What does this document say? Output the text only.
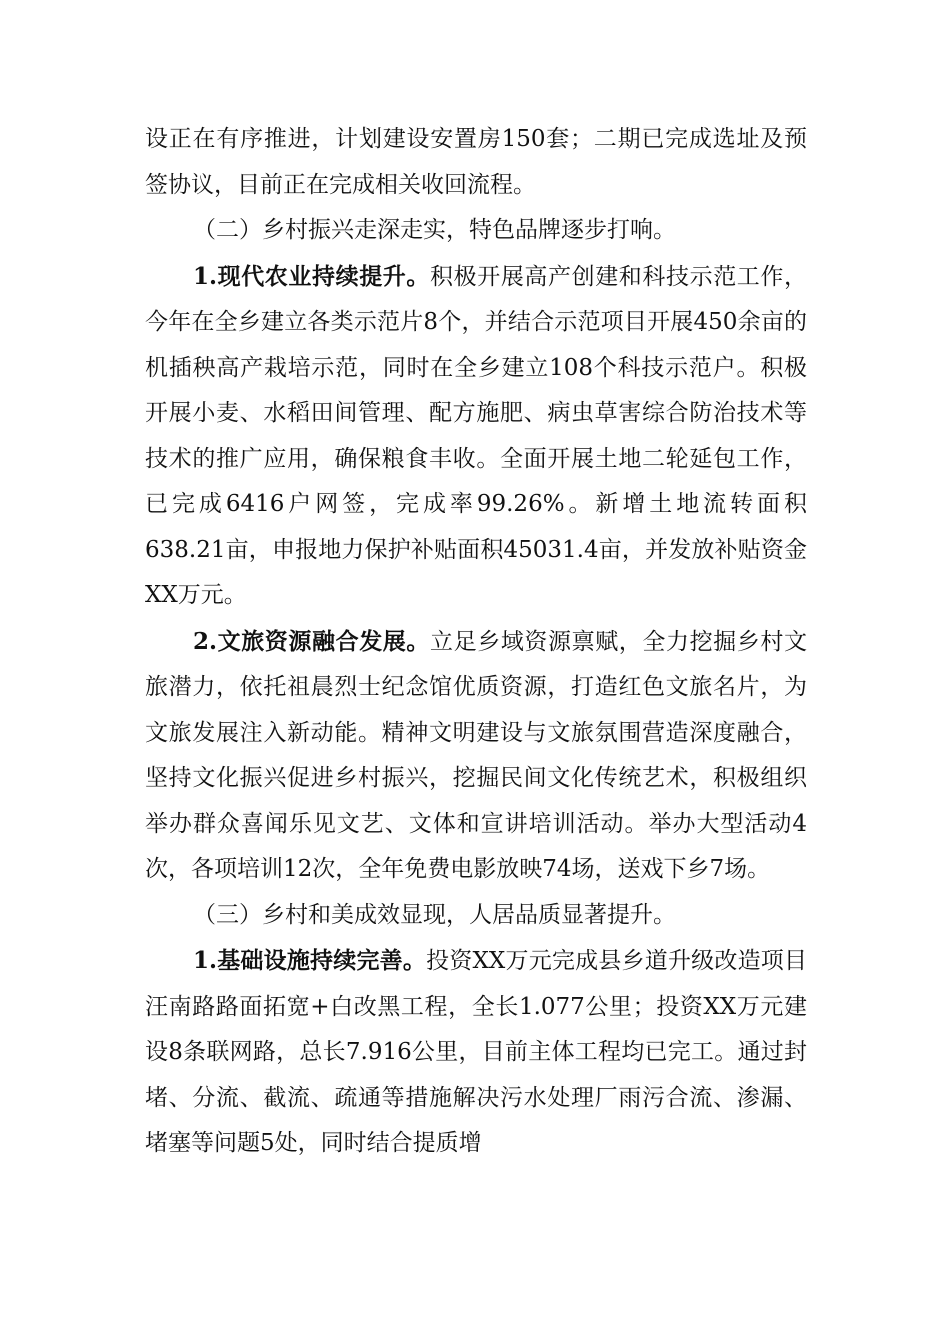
设正在有序推进，计划建设安置房150套；二期已完成选址及预签协议，目前正在完成相关收回流程。

（二）乡村振兴走深走实，特色品牌逐步打响。

1.现代农业持续提升。积极开展高产创建和科技示范工作，今年在全乡建立各类示范片8个，并结合示范项目开展450余亩的机插秧高产栽培示范，同时在全乡建立108个科技示范户。积极开展小麦、水稻田间管理、配方施肥、病虫草害综合防治技术等技术的推广应用，确保粮食丰收。全面开展土地二轮延包工作，已完成6416户网签，完成率99.26%。新增土地流转面积638.21亩，申报地力保护补贴面积45031.4亩，并发放补贴资金XX万元。

2.文旅资源融合发展。立足乡域资源禀赋，全力挖掘乡村文旅潜力，依托祖晨烈士纪念馆优质资源，打造红色文旅名片，为文旅发展注入新动能。精神文明建设与文旅氛围营造深度融合，坚持文化振兴促进乡村振兴，挖掘民间文化传统艺术，积极组织举办群众喜闻乐见文艺、文体和宣讲培训活动。举办大型活动4次，各项培训12次，全年免费电影放映74场，送戏下乡7场。

（三）乡村和美成效显现，人居品质显著提升。

1.基础设施持续完善。投资XX万元完成县乡道升级改造项目汪南路路面拓宽+白改黑工程，全长1.077公里；投资XX万元建设8条联网路，总长7.916公里，目前主体工程均已完工。通过封堵、分流、截流、疏通等措施解决污水处理厂雨污合流、渗漏、堵塞等问题5处，同时结合提质增
